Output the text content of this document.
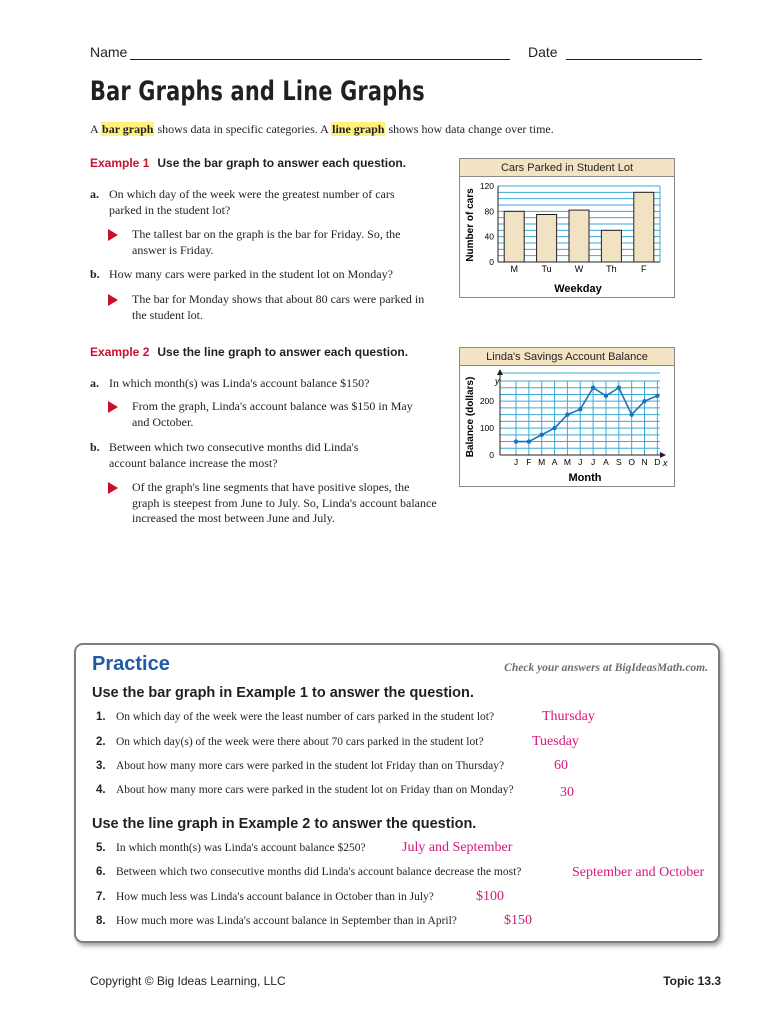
Name	Date
Bar Graphs and Line Graphs
A bar graph shows data in specific categories. A line graph shows how data change over time.
Example 1 Use the bar graph to answer each question.
a. On which day of the week were the greatest number of cars parked in the student lot?
The tallest bar on the graph is the bar for Friday. So, the answer is Friday.
b. How many cars were parked in the student lot on Monday?
The bar for Monday shows that about 80 cars were parked in the student lot.
Cars Parked in Student Lot
Number of cars
Weekday
0
40
80
120
M	Tu	W	Th	F
Example 2 Use the line graph to answer each question.
a. In which month(s) was Linda's account balance $150?
From the graph, Linda's account balance was $150 in May and October.
b. Between which two consecutive months did Linda's account balance increase the most?
Of the graph's line segments that have positive slopes, the graph is steepest from June to July. So, Linda's account balance increased the most between June and July.
Linda's Savings Account Balance
Balance (dollars)
Month
x
y
0
100
200
J F M A M J J A S O N D
Practice	Check your answers at BigIdeasMath.com.
Use the bar graph in Example 1 to answer the question.
1. On which day of the week were the least number of cars parked in the student lot?	Thursday
2. On which day(s) of the week were there about 70 cars parked in the student lot?	Tuesday
3. About how many more cars were parked in the student lot Friday than on Thursday?	60
4. About how many more cars were parked in the student lot on Friday than on Monday?	30
Use the line graph in Example 2 to answer the question.
5. In which month(s) was Linda's account balance $250?	July and September
6. Between which two consecutive months did Linda's account balance decrease the most?	September and October
7. How much less was Linda's account balance in October than in July?	$100
8. How much more was Linda's account balance in September than in April?	$150
Copyright © Big Ideas Learning, LLC	Topic 13.3
